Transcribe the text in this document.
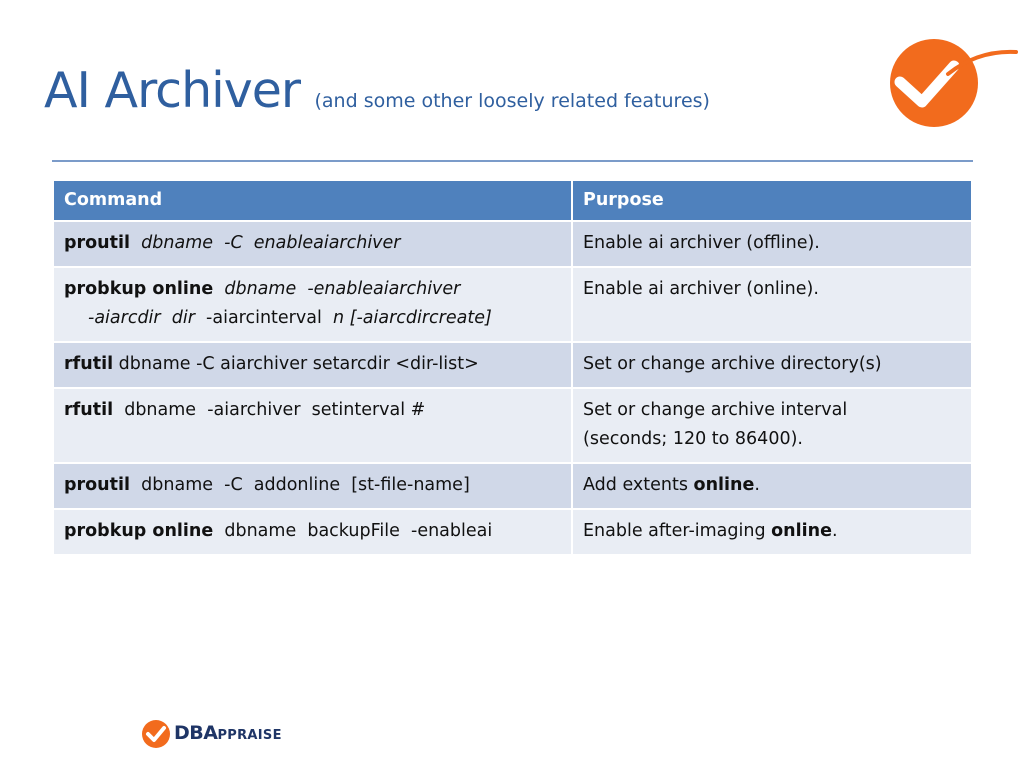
AI Archiver (and some other loosely related features)
Command	Purpose
proutil dbname  -C  enableaiarchiver	Enable ai archiver (offline).
probkup online dbname  -enableaiarchiver
-aiarcdir  dir -aiarcinterval n [-aiarcdircreate]	Enable ai archiver (online).
rfutil dbname -C aiarchiver setarcdir <dir-list>	Set or change archive directory(s)
rfutil dbname  -aiarchiver  setinterval #	Set or change archive interval
(seconds; 120 to 86400).
proutil dbname  -C  addonline  [st-file-name]	Add extents online.
probkup online dbname  backupFile  -enableai	Enable after-imaging online.
DBAPPRAISE
